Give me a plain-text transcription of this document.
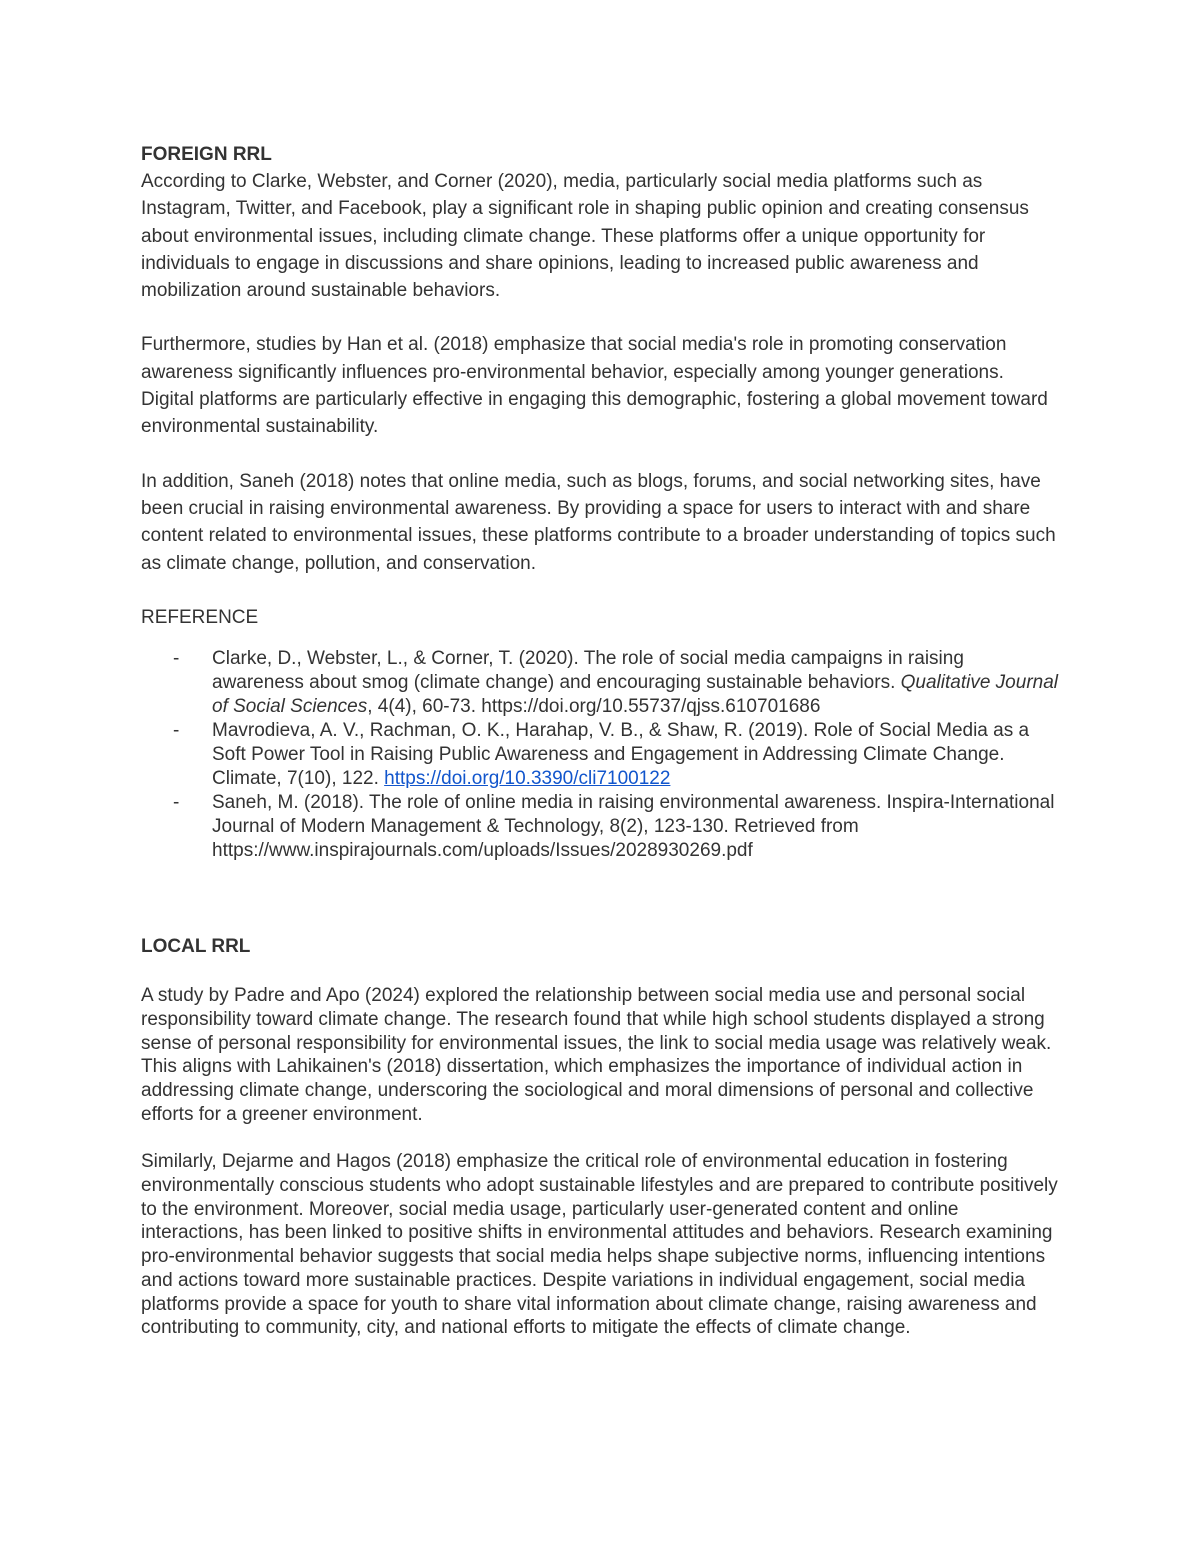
FOREIGN RRL

According to Clarke, Webster, and Corner (2020), media, particularly social media platforms such as Instagram, Twitter, and Facebook, play a significant role in shaping public opinion and creating consensus about environmental issues, including climate change. These platforms offer a unique opportunity for individuals to engage in discussions and share opinions, leading to increased public awareness and mobilization around sustainable behaviors.

Furthermore, studies by Han et al. (2018) emphasize that social media's role in promoting conservation awareness significantly influences pro-environmental behavior, especially among younger generations. Digital platforms are particularly effective in engaging this demographic, fostering a global movement toward environmental sustainability.

In addition, Saneh (2018) notes that online media, such as blogs, forums, and social networking sites, have been crucial in raising environmental awareness. By providing a space for users to interact with and share content related to environmental issues, these platforms contribute to a broader understanding of topics such as climate change, pollution, and conservation.

REFERENCE

- Clarke, D., Webster, L., & Corner, T. (2020). The role of social media campaigns in raising awareness about smog (climate change) and encouraging sustainable behaviors. Qualitative Journal of Social Sciences, 4(4), 60-73. https://doi.org/10.55737/qjss.610701686
- Mavrodieva, A. V., Rachman, O. K., Harahap, V. B., & Shaw, R. (2019). Role of Social Media as a Soft Power Tool in Raising Public Awareness and Engagement in Addressing Climate Change. Climate, 7(10), 122. https://doi.org/10.3390/cli7100122
- Saneh, M. (2018). The role of online media in raising environmental awareness. Inspira-International Journal of Modern Management & Technology, 8(2), 123-130. Retrieved from https://www.inspirajournals.com/uploads/Issues/2028930269.pdf

LOCAL RRL

A study by Padre and Apo (2024) explored the relationship between social media use and personal social responsibility toward climate change. The research found that while high school students displayed a strong sense of personal responsibility for environmental issues, the link to social media usage was relatively weak. This aligns with Lahikainen's (2018) dissertation, which emphasizes the importance of individual action in addressing climate change, underscoring the sociological and moral dimensions of personal and collective efforts for a greener environment.

Similarly, Dejarme and Hagos (2018) emphasize the critical role of environmental education in fostering environmentally conscious students who adopt sustainable lifestyles and are prepared to contribute positively to the environment. Moreover, social media usage, particularly user-generated content and online interactions, has been linked to positive shifts in environmental attitudes and behaviors. Research examining pro-environmental behavior suggests that social media helps shape subjective norms, influencing intentions and actions toward more sustainable practices. Despite variations in individual engagement, social media platforms provide a space for youth to share vital information about climate change, raising awareness and contributing to community, city, and national efforts to mitigate the effects of climate change.
